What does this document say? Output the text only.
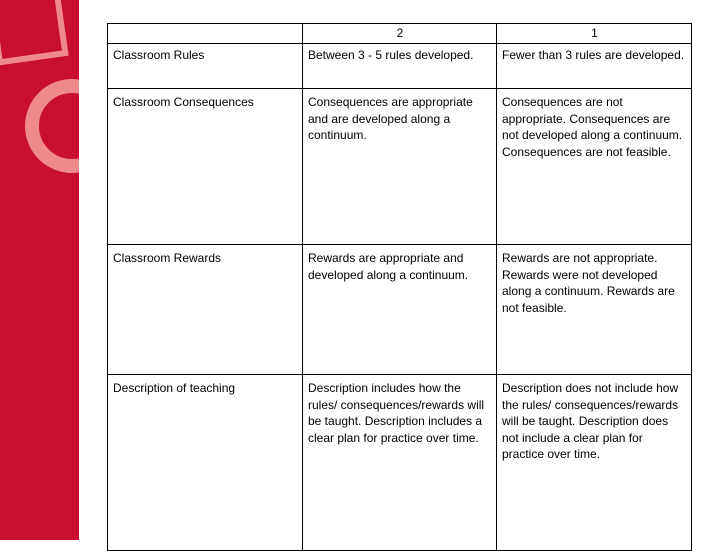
	2	1
Classroom Rules	Between 3 - 5 rules developed.	Fewer than 3 rules are developed.
Classroom Consequences	Consequences are appropriate and are developed along a continuum.	Consequences are not appropriate. Consequences are not developed along a continuum. Consequences are not feasible.
Classroom Rewards	Rewards are appropriate and developed along a continuum.	Rewards are not appropriate. Rewards were not developed along a continuum. Rewards are not feasible.
Description of teaching	Description includes how the rules/ consequences/rewards will be taught. Description includes a clear plan for practice over time.	Description does not include how the rules/ consequences/rewards will be taught. Description does not include a clear plan for practice over time.
